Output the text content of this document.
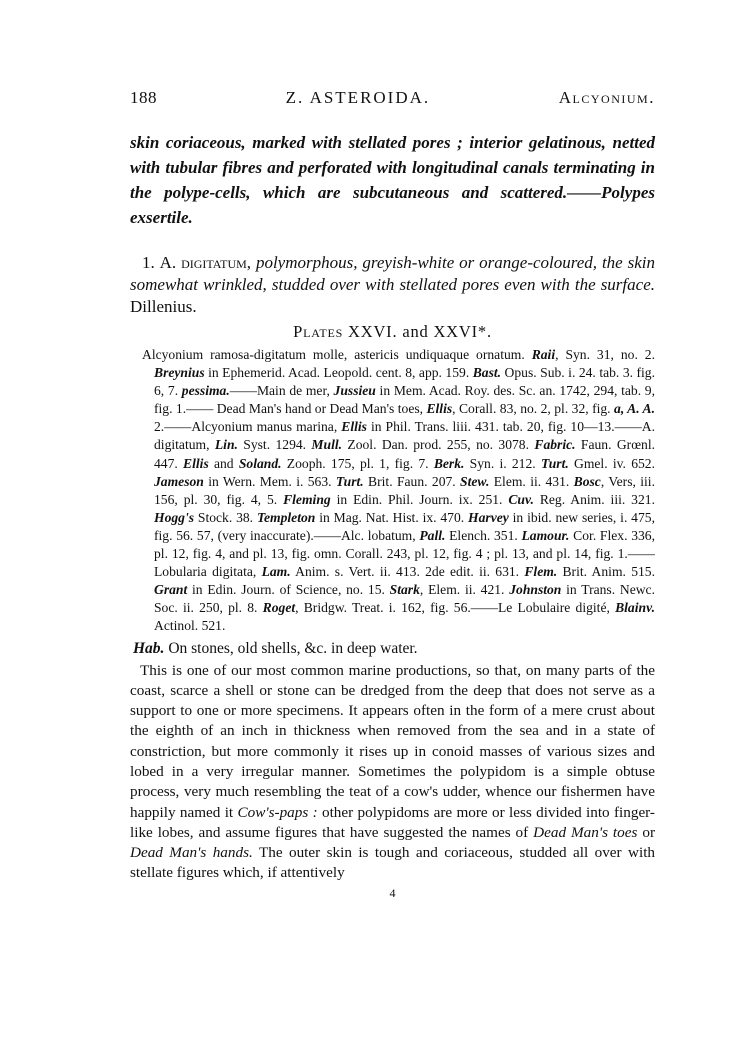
188	Z. ASTEROIDA.	Alcyonium.
skin coriaceous, marked with stellated pores ; interior gelatinous, netted with tubular fibres and perforated with longitudinal canals terminating in the polype-cells, which are subcutaneous and scattered.——Polypes exsertile.
1. A. digitatum, polymorphous, greyish-white or orange-coloured, the skin somewhat wrinkled, studded over with stellated pores even with the surface. Dillenius.
Plates XXVI. and XXVI*.
Alcyonium ramosa-digitatum molle, astericis undiquaque ornatum. Raii, Syn. 31, no. 2. Breynius in Ephemerid. Acad. Leopold. cent. 8, app. 159. Bast. Opus. Sub. i. 24. tab. 3. fig. 6, 7. pessima.——Main de mer, Jussieu in Mem. Acad. Roy. des. Sc. an. 1742, 294, tab. 9, fig. 1.—— Dead Man's hand or Dead Man's toes, Ellis, Corall. 83, no. 2, pl. 32, fig. a, A. A. 2.——Alcyonium manus marina, Ellis in Phil. Trans. liii. 431. tab. 20, fig. 10—13.——A. digitatum, Lin. Syst. 1294. Mull. Zool. Dan. prod. 255, no. 3078. Fabric. Faun. Grœnl. 447. Ellis and Soland. Zooph. 175, pl. 1, fig. 7. Berk. Syn. i. 212. Turt. Gmel. iv. 652. Jameson in Wern. Mem. i. 563. Turt. Brit. Faun. 207. Stew. Elem. ii. 431. Bosc, Vers, iii. 156, pl. 30, fig. 4, 5. Fleming in Edin. Phil. Journ. ix. 251. Cuv. Reg. Anim. iii. 321. Hogg's Stock. 38. Templeton in Mag. Nat. Hist. ix. 470. Harvey in ibid. new series, i. 475, fig. 56. 57, (very inaccurate).——Alc. lobatum, Pall. Elench. 351. Lamour. Cor. Flex. 336, pl. 12, fig. 4, and pl. 13, fig. omn. Corall. 243, pl. 12, fig. 4 ; pl. 13, and pl. 14, fig. 1.——Lobularia digitata, Lam. Anim. s. Vert. ii. 413. 2de edit. ii. 631. Flem. Brit. Anim. 515. Grant in Edin. Journ. of Science, no. 15. Stark, Elem. ii. 421. Johnston in Trans. Newc. Soc. ii. 250, pl. 8. Roget, Bridgw. Treat. i. 162, fig. 56.——Le Lobulaire digité, Blainv. Actinol. 521.
Hab. On stones, old shells, &c. in deep water.
This is one of our most common marine productions, so that, on many parts of the coast, scarce a shell or stone can be dredged from the deep that does not serve as a support to one or more specimens. It appears often in the form of a mere crust about the eighth of an inch in thickness when removed from the sea and in a state of constriction, but more commonly it rises up in conoid masses of various sizes and lobed in a very irregular manner. Sometimes the polypidom is a simple obtuse process, very much resembling the teat of a cow's udder, whence our fishermen have happily named it Cow's-paps : other polypidoms are more or less divided into finger-like lobes, and assume figures that have suggested the names of Dead Man's toes or Dead Man's hands. The outer skin is tough and coriaceous, studded all over with stellate figures which, if attentively
4
